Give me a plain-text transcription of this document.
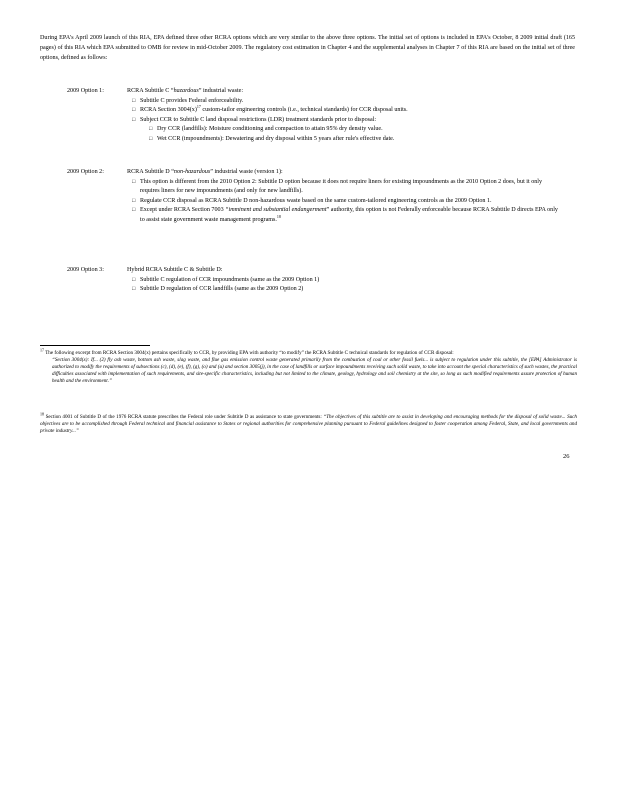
During EPA's April 2009 launch of this RIA, EPA defined three other RCRA options which are very similar to the above three options. The initial set of options is included in EPA's October, 8 2009 initial draft (165 pages) of this RIA which EPA submitted to OMB for review in mid-October 2009. The regulatory cost estimation in Chapter 4 and the supplemental analyses in Chapter 7 of this RIA are based on the initial set of three options, defined as follows:
2009 Option 1:	RCRA Subtitle C “hazardous” industrial waste:
□ Subtitle C provides Federal enforceability.
□ RCRA Section 3004(x)$^{17}$ custom-tailor engineering controls (i.e., technical standards) for CCR disposal units.
□ Subject CCR to Subtitle C land disposal restrictions (LDR) treatment standards prior to disposal:
□ Dry CCR (landfills): Moisture conditioning and compaction to attain 95% dry density value.
□ Wet CCR (impoundments): Dewatering and dry disposal within 5 years after rule's effective date.
2009 Option 2:	RCRA Subtitle D “non-hazardous” industrial waste (version 1):
□ This option is different from the 2010 Option 2: Subtitle D option because it does not require liners for existing impoundments as the 2010 Option 2 does, but it only requires liners for new impoundments (and only for new landfills).
□ Regulate CCR disposal as RCRA Subtitle D non-hazardous waste based on the same custom-tailored engineering controls as the 2009 Option 1.
□ Except under RCRA Section 7003 “imminent and substantial endangerment” authority, this option is not Federally enforceable because RCRA Subtitle D directs EPA only to assist state government waste management programs.$^{18}$
2009 Option 3:	Hybrid RCRA Subtitle C & Subtitle D:
□ Subtitle C regulation of CCR impoundments (same as the 2009 Option 1)
□ Subtitle D regulation of CCR landfills (same as the 2009 Option 2)
$^{17}$ The following excerpt from RCRA Section 3004(x) pertains specifically to CCR, by providing EPA with authority “to modify” the RCRA Subtitle C technical standards for regulation of CCR disposal:
“Section 3004(x): If... (2) fly ash waste, bottom ash waste, slag waste, and flue gas emission control waste generated primarily from the combustion of coal or other fossil fuels... is subject to regulation under this subtitle, the [EPA] Administrator is authorized to modify the requirements of subsections (c), (d), (e), (f), (g), (o) and (u) and section 3005(j), in the case of landfills or surface impoundments receiving such solid waste, to take into account the special characteristics of such wastes, the practical difficulties associated with implementation of such requirements, and site-specific characteristics, including but not limited to the climate, geology, hydrology and soil chemistry at the site, so long as such modified requirements assure protection of human health and the environment.”
$^{18}$ Section 4001 of Subtitle D of the 1976 RCRA statute prescribes the Federal role under Subtitle D as assistance to state governments: “The objectives of this subtitle are to assist in developing and encouraging methods for the disposal of solid waste... Such objectives are to be accomplished through Federal technical and financial assistance to States or regional authorities for comprehensive planning pursuant to Federal guidelines designed to foster cooperation among Federal, State, and local governments and private industry...”
26
